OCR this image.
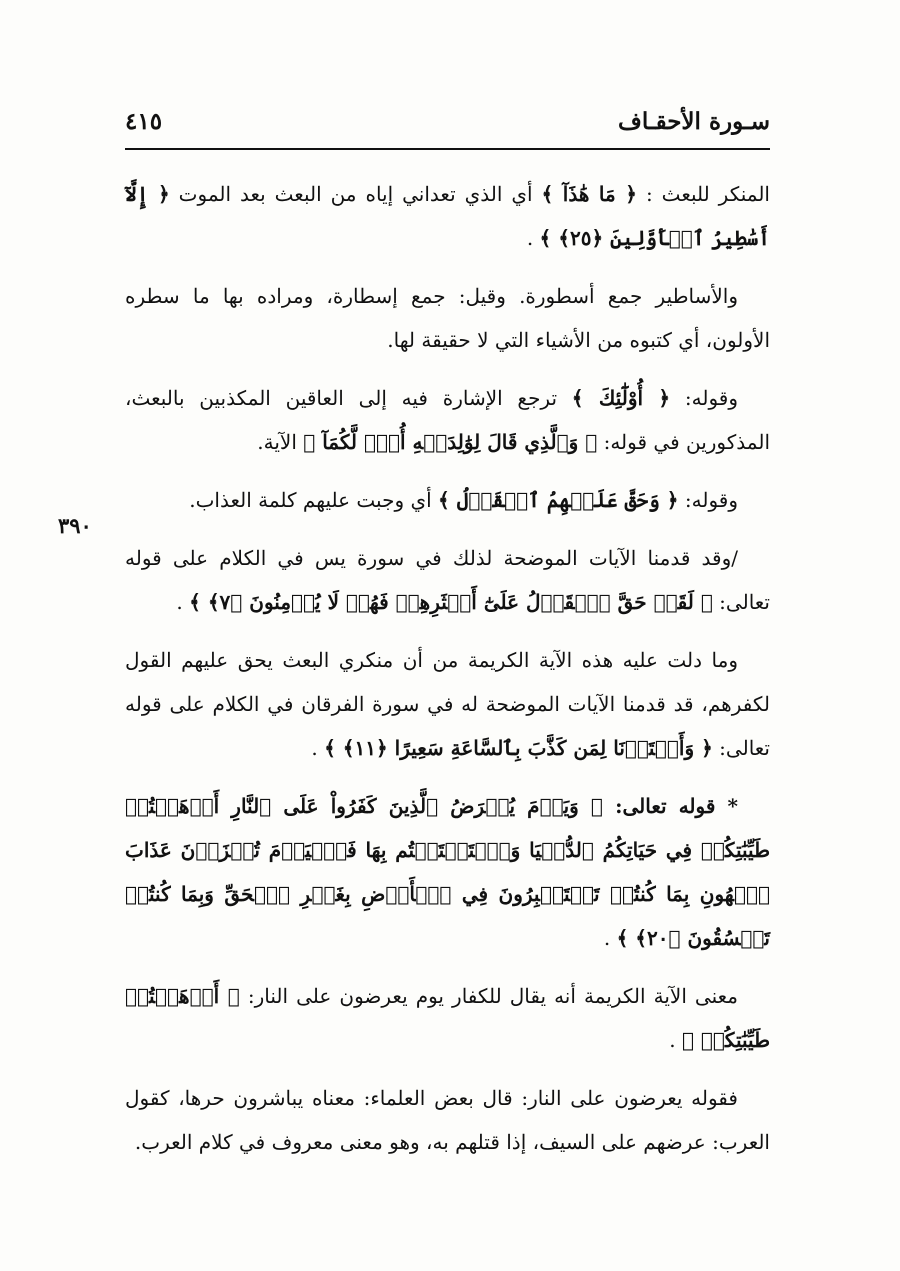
سـورة الأحقـاف
٤١٥
٣٩٠

المنكر للبعث : ﴿ مَا هَٰذَآ ﴾ أي الذي تعداني إياه من البعث بعد الموت ﴿ إِلَّآ أَسَٰطِيرُ ٱلۡأَوَّلِينَ ﴿٢٥﴾ ﴾ .

والأساطير جمع أسطورة. وقيل: جمع إسطارة، ومراده بها ما سطره الأولون، أي كتبوه من الأشياء التي لا حقيقة لها.

وقوله: ﴿ أُوْلَٰٓئِكَ ﴾ ترجع الإشارة فيه إلى العاقين المكذبين بالبعث، المذكورين في قوله: ﴿ وَٱلَّذِي قَالَ لِوَٰلِدَيۡهِ أُفّٖ لَّكُمَآ ﴾ الآية.

وقوله: ﴿ وَحَقَّ عَلَيۡهِمُ ٱلۡقَوۡلُ ﴾ أي وجبت عليهم كلمة العذاب.

/وقد قدمنا الآيات الموضحة لذلك في سورة يس في الكلام على قوله تعالى: ﴿ لَقَدۡ حَقَّ ٱلۡقَوۡلُ عَلَىٰٓ أَكۡثَرِهِمۡ فَهُمۡ لَا يُؤۡمِنُونَ ﴿٧﴾ ﴾ .

وما دلت عليه هذه الآية الكريمة من أن منكري البعث يحق عليهم القول لكفرهم، قد قدمنا الآيات الموضحة له في سورة الفرقان في الكلام على قوله تعالى: ﴿ وَأَعۡتَدۡنَا لِمَن كَذَّبَ بِٱلسَّاعَةِ سَعِيرًا ﴿١١﴾ ﴾ .

* قوله تعالى: ﴿ وَيَوۡمَ يُعۡرَضُ ٱلَّذِينَ كَفَرُواْ عَلَى ٱلنَّارِ أَذۡهَبۡتُمۡ طَيِّبَٰتِكُمۡ فِي حَيَاتِكُمُ ٱلدُّنۡيَا وَٱسۡتَمۡتَعۡتُم بِهَا فَٱلۡيَوۡمَ تُجۡزَوۡنَ عَذَابَ ٱلۡهُونِ بِمَا كُنتُمۡ تَسۡتَكۡبِرُونَ فِي ٱلۡأَرۡضِ بِغَيۡرِ ٱلۡحَقِّ وَبِمَا كُنتُمۡ تَفۡسُقُونَ ﴿٢٠﴾ ﴾ .

معنى الآية الكريمة أنه يقال للكفار يوم يعرضون على النار: ﴿ أَذۡهَبۡتُمۡ طَيِّبَٰتِكُمۡ ﴾ .

فقوله يعرضون على النار: قال بعض العلماء: معناه يباشرون حرها، كقول العرب: عرضهم على السيف، إذا قتلهم به، وهو معنى معروف في كلام العرب.
